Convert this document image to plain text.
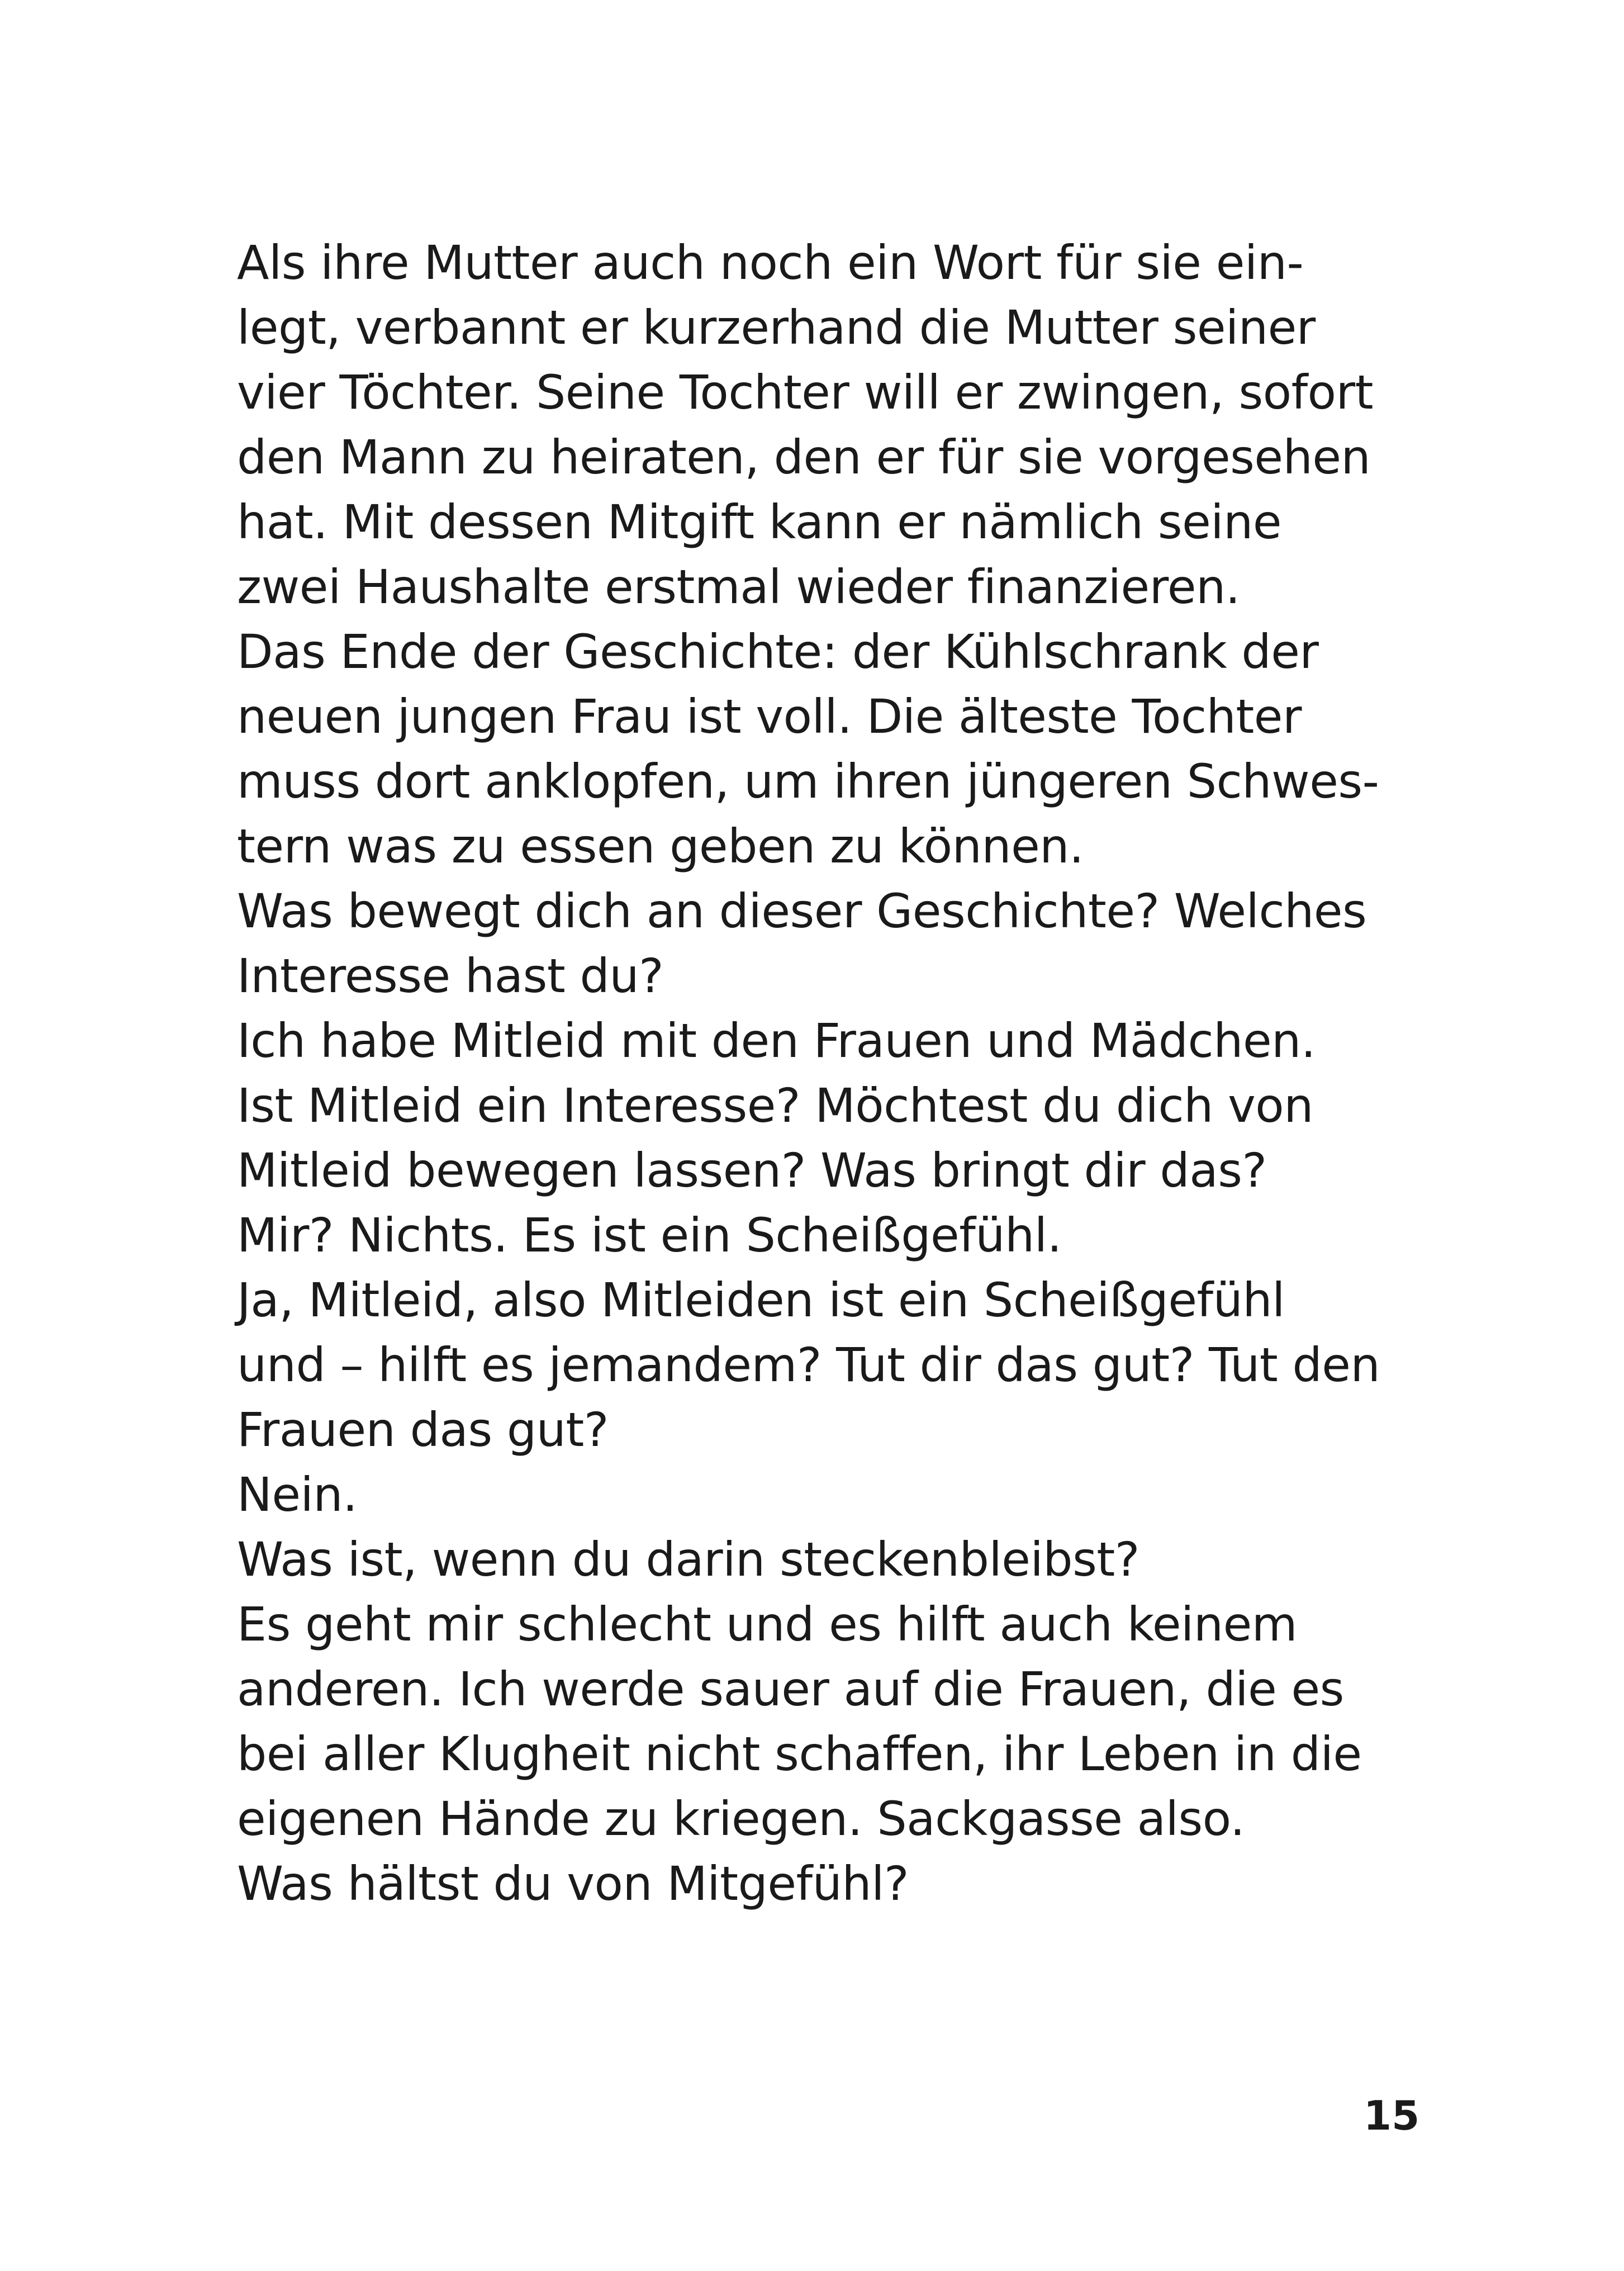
Als ihre Mutter auch noch ein Wort für sie ein-
legt, verbannt er kurzerhand die Mutter seiner
vier Töchter. Seine Tochter will er zwingen, sofort
den Mann zu heiraten, den er für sie vorgesehen
hat. Mit dessen Mitgift kann er nämlich seine
zwei Haushalte erstmal wieder finanzieren.
Das Ende der Geschichte: der Kühlschrank der
neuen jungen Frau ist voll. Die älteste Tochter
muss dort anklopfen, um ihren jüngeren Schwes-
tern was zu essen geben zu können.
Was bewegt dich an dieser Geschichte? Welches
Interesse hast du?
Ich habe Mitleid mit den Frauen und Mädchen.
Ist Mitleid ein Interesse? Möchtest du dich von
Mitleid bewegen lassen? Was bringt dir das?
Mir? Nichts. Es ist ein Scheißgefühl.
Ja, Mitleid, also Mitleiden ist ein Scheißgefühl
und – hilft es jemandem? Tut dir das gut? Tut den
Frauen das gut?
Nein.
Was ist, wenn du darin steckenbleibst?
Es geht mir schlecht und es hilft auch keinem
anderen. Ich werde sauer auf die Frauen, die es
bei aller Klugheit nicht schaffen, ihr Leben in die
eigenen Hände zu kriegen. Sackgasse also.
Was hältst du von Mitgefühl?
15
